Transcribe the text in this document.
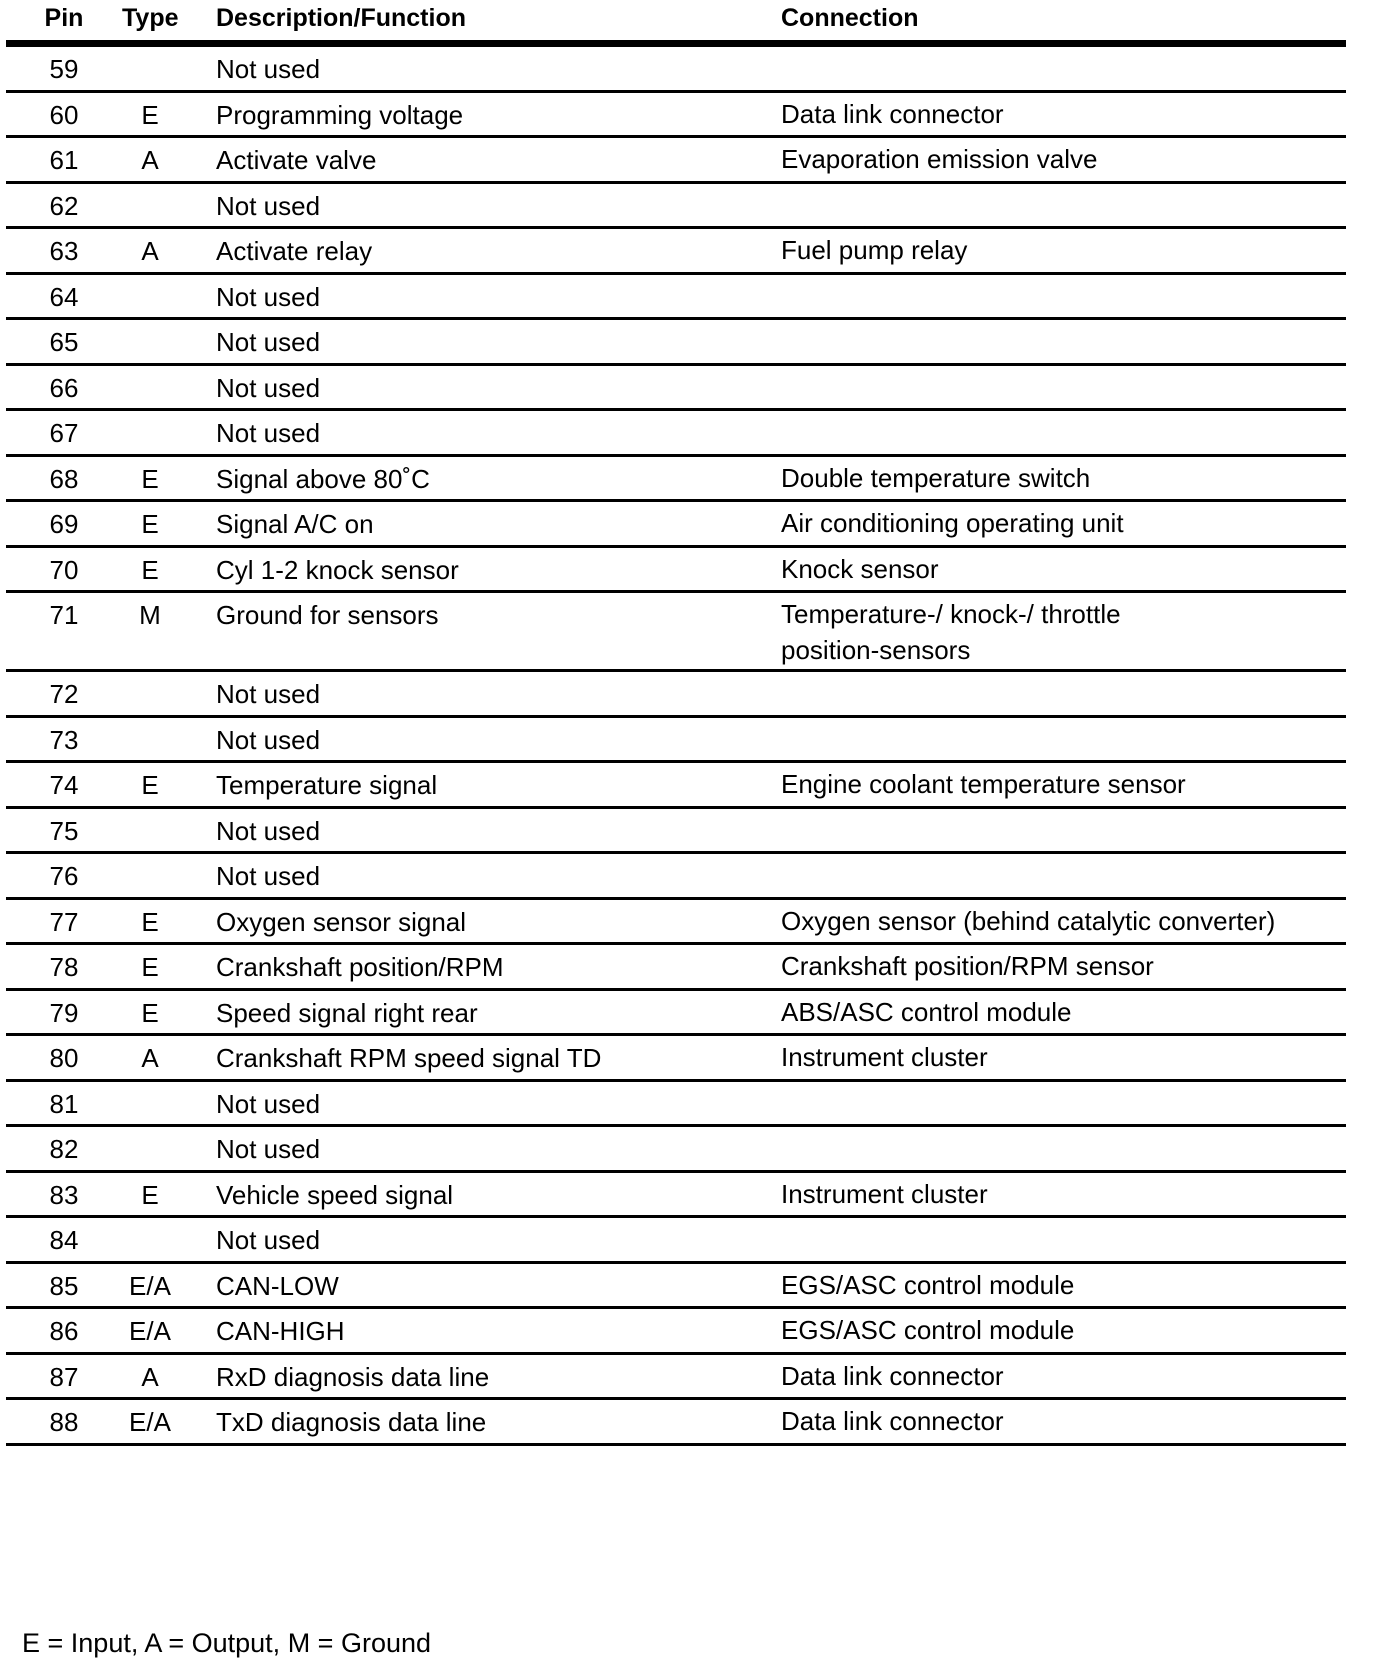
Pin	Type Description/Function	Connection
59	Not used
60	E	Programming voltage	Data link connector
61	A	Activate valve	Evaporation emission valve
62	Not used
63	A	Activate relay	Fuel pump relay
64	Not used
65	Not used
66	Not used
67	Not used
68	E	Signal above 80˚C	Double temperature switch
69	E	Signal A/C on	Air conditioning operating unit
70	E	Cyl 1-2 knock sensor	Knock sensor
71	M	Ground for sensors	Temperature-/ knock-/ throttle
position-sensors
72	Not used
73	Not used
74	E	Temperature signal	Engine coolant temperature sensor
75	Not used
76	Not used
77	E	Oxygen sensor signal	Oxygen sensor (behind catalytic converter)
78	E	Crankshaft position/RPM	Crankshaft position/RPM sensor
79	E	Speed signal right rear	ABS/ASC control module
80	A	Crankshaft RPM speed signal TD	Instrument cluster
81	Not used
82	Not used
83	E	Vehicle speed signal	Instrument cluster
84	Not used
85	E/A CAN-LOW	EGS/ASC control module
86	E/A CAN-HIGH	EGS/ASC control module
87	A	RxD diagnosis data line	Data link connector
88	E/A TxD diagnosis data line	Data link connector
E = Input, A = Output, M = Ground
